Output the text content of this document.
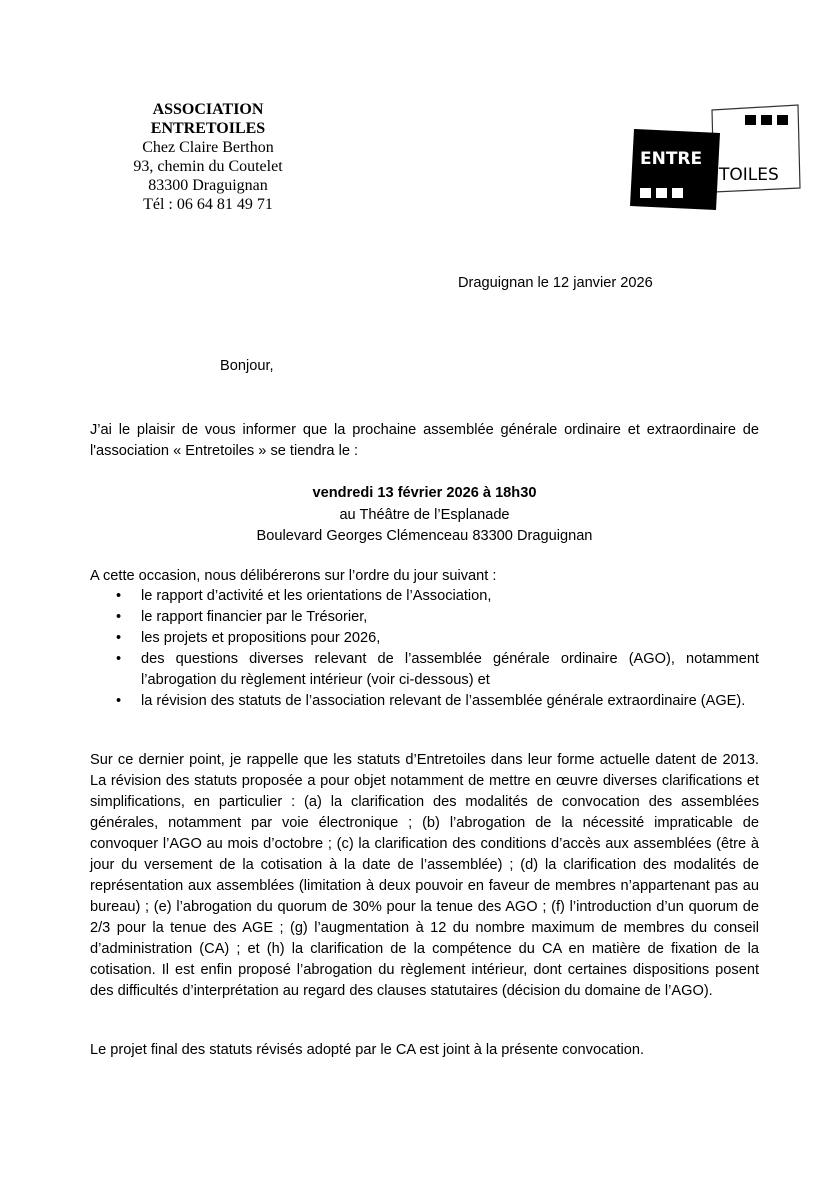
ASSOCIATION
ENTRETOILES
Chez Claire Berthon
93, chemin du Coutelet
83300 Draguignan
Tél : 06 64 81 49 71
ENTRE
TOILES
Draguignan le 12 janvier 2026
Bonjour,
J’ai le plaisir de vous informer que la prochaine assemblée générale ordinaire et extraordinaire de l'association « Entretoiles » se tiendra le :
vendredi 13 février 2026 à 18h30
au Théâtre de l’Esplanade
Boulevard Georges Clémenceau 83300 Draguignan
A cette occasion, nous délibérerons sur l’ordre du jour suivant :
• le rapport d’activité et les orientations de l’Association,
• le rapport financier par le Trésorier,
• les projets et propositions pour 2026,
• des questions diverses relevant de l’assemblée générale ordinaire (AGO), notamment l’abrogation du règlement intérieur (voir ci-dessous) et
• la révision des statuts de l’association relevant de l’assemblée générale extraordinaire (AGE).
Sur ce dernier point, je rappelle que les statuts d’Entretoiles dans leur forme actuelle datent de 2013. La révision des statuts proposée a pour objet notamment de mettre en œuvre diverses clarifications et simplifications, en particulier : (a) la clarification des modalités de convocation des assemblées générales, notamment par voie électronique ; (b) l’abrogation de la nécessité impraticable de convoquer l’AGO au mois d’octobre ; (c) la clarification des conditions d’accès aux assemblées (être à jour du versement de la cotisation à la date de l’assemblée) ; (d) la clarification des modalités de représentation aux assemblées (limitation à deux pouvoir en faveur de membres n’appartenant pas au bureau) ; (e) l’abrogation du quorum de 30% pour la tenue des AGO ; (f) l’introduction d’un quorum de 2/3 pour la tenue des AGE ; (g) l’augmentation à 12 du nombre maximum de membres du conseil d’administration (CA) ; et (h) la clarification de la compétence du CA en matière de fixation de la cotisation. Il est enfin proposé l’abrogation du règlement intérieur, dont certaines dispositions posent des difficultés d’interprétation au regard des clauses statutaires (décision du domaine de l’AGO).
Le projet final des statuts révisés adopté par le CA est joint à la présente convocation.
